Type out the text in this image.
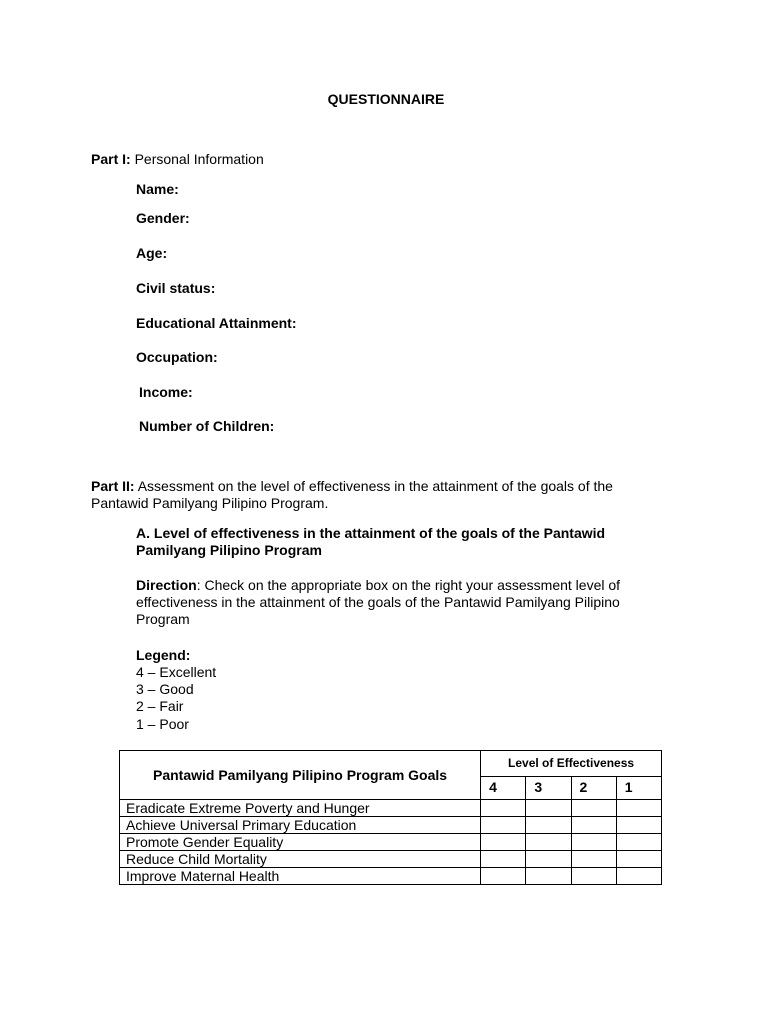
QUESTIONNAIRE
Part I: Personal Information
Name:
Gender:
Age:
Civil status:
Educational Attainment:
Occupation:
Income:
Number of Children:
Part II: Assessment on the level of effectiveness in the attainment of the goals of the Pantawid Pamilyang Pilipino Program.
A. Level of effectiveness in the attainment of the goals of the Pantawid Pamilyang Pilipino Program
Direction: Check on the appropriate box on the right your assessment level of effectiveness in the attainment of the goals of the Pantawid Pamilyang Pilipino Program
Legend:
4 – Excellent
3 – Good
2 – Fair
1 – Poor
Pantawid Pamilyang Pilipino Program Goals	Level of Effectiveness			
	4	3	2	1
Eradicate Extreme Poverty and Hunger				
Achieve Universal Primary Education				
Promote Gender Equality				
Reduce Child Mortality				
Improve Maternal Health				
